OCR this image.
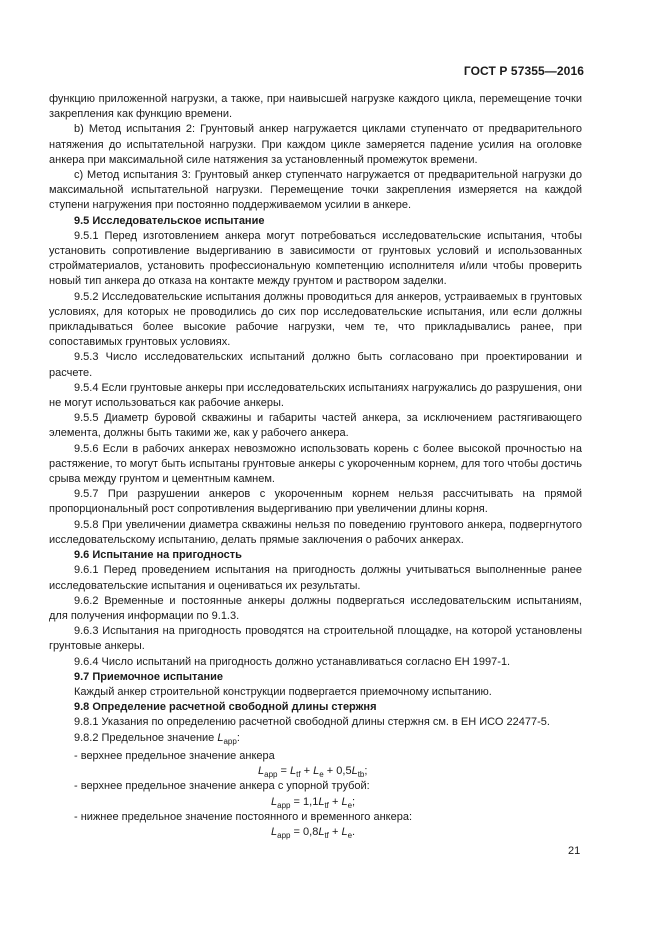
ГОСТ Р 57355—2016

функцию приложенной нагрузки, а также, при наивысшей нагрузке каждого цикла, перемещение точки закрепления как функцию времени.

b) Метод испытания 2: Грунтовый анкер нагружается циклами ступенчато от предварительного натяжения до испытательной нагрузки. При каждом цикле замеряется падение усилия на оголовке анкера при максимальной силе натяжения за установленный промежуток времени.

c) Метод испытания 3: Грунтовый анкер ступенчато нагружается от предварительной нагрузки до максимальной испытательной нагрузки. Перемещение точки закрепления измеряется на каждой ступени нагружения при постоянно поддерживаемом усилии в анкере.

9.5 Исследовательское испытание

9.5.1 Перед изготовлением анкера могут потребоваться исследовательские испытания, чтобы установить сопротивление выдергиванию в зависимости от грунтовых условий и использованных стройматериалов, установить профессиональную компетенцию исполнителя и/или чтобы проверить новый тип анкера до отказа на контакте между грунтом и раствором заделки.

9.5.2 Исследовательские испытания должны проводиться для анкеров, устраиваемых в грунтовых условиях, для которых не проводились до сих пор исследовательские испытания, или если должны прикладываться более высокие рабочие нагрузки, чем те, что прикладывались ранее, при сопоставимых грунтовых условиях.

9.5.3 Число исследовательских испытаний должно быть согласовано при проектировании и расчете.

9.5.4 Если грунтовые анкеры при исследовательских испытаниях нагружались до разрушения, они не могут использоваться как рабочие анкеры.

9.5.5 Диаметр буровой скважины и габариты частей анкера, за исключением растягивающего элемента, должны быть такими же, как у рабочего анкера.

9.5.6 Если в рабочих анкерах невозможно использовать корень с более высокой прочностью на растяжение, то могут быть испытаны грунтовые анкеры с укороченным корнем, для того чтобы достичь срыва между грунтом и цементным камнем.

9.5.7 При разрушении анкеров с укороченным корнем нельзя рассчитывать на прямой пропорциональный рост сопротивления выдергиванию при увеличении длины корня.

9.5.8 При увеличении диаметра скважины нельзя по поведению грунтового анкера, подвергнутого исследовательскому испытанию, делать прямые заключения о рабочих анкерах.

9.6 Испытание на пригодность

9.6.1 Перед проведением испытания на пригодность должны учитываться выполненные ранее исследовательские испытания и оцениваться их результаты.

9.6.2 Временные и постоянные анкеры должны подвергаться исследовательским испытаниям, для получения информации по 9.1.3.

9.6.3 Испытания на пригодность проводятся на строительной площадке, на которой установлены грунтовые анкеры.

9.6.4 Число испытаний на пригодность должно устанавливаться согласно ЕН 1997-1.

9.7 Приемочное испытание

Каждый анкер строительной конструкции подвергается приемочному испытанию.

9.8 Определение расчетной свободной длины стержня

9.8.1 Указания по определению расчетной свободной длины стержня см. в ЕН ИСО 22477-5.

9.8.2 Предельное значение $L_{app}$:

- верхнее предельное значение анкера

$L_{app} = L_{tf} + L_e + 0,5L_{tb}$;

- верхнее предельное значение анкера с упорной трубой:

$L_{app} = 1,1L_{tf} + L_e$;

- нижнее предельное значение постоянного и временного анкера:

$L_{app} = 0,8L_{tf} + L_e$.

21
